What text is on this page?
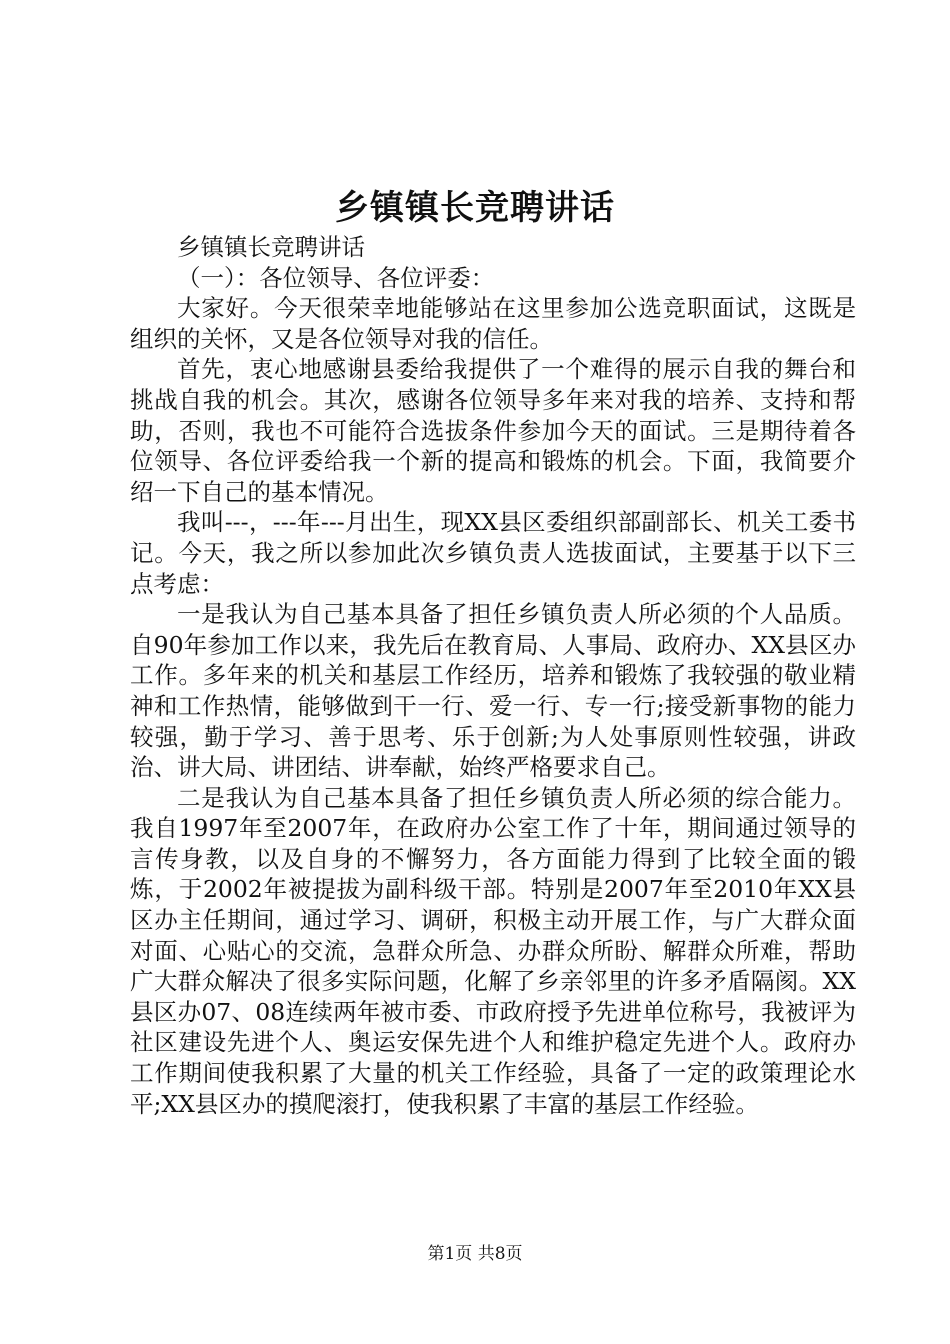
乡镇镇长竞聘讲话

乡镇镇长竞聘讲话

（一）：各位领导、各位评委：

大家好。今天很荣幸地能够站在这里参加公选竞职面试，这既是组织的关怀，又是各位领导对我的信任。

首先，衷心地感谢县委给我提供了一个难得的展示自我的舞台和挑战自我的机会。其次，感谢各位领导多年来对我的培养、支持和帮助，否则，我也不可能符合选拔条件参加今天的面试。三是期待着各位领导、各位评委给我一个新的提高和锻炼的机会。下面，我简要介绍一下自己的基本情况。

我叫---，---年---月出生，现XX县区委组织部副部长、机关工委书记。今天，我之所以参加此次乡镇负责人选拔面试，主要基于以下三点考虑：

一是我认为自己基本具备了担任乡镇负责人所必须的个人品质。自90年参加工作以来，我先后在教育局、人事局、政府办、XX县区办工作。多年来的机关和基层工作经历，培养和锻炼了我较强的敬业精神和工作热情，能够做到干一行、爱一行、专一行;接受新事物的能力较强，勤于学习、善于思考、乐于创新;为人处事原则性较强，讲政治、讲大局、讲团结、讲奉献，始终严格要求自己。

二是我认为自己基本具备了担任乡镇负责人所必须的综合能力。我自1997年至2007年，在政府办公室工作了十年，期间通过领导的言传身教，以及自身的不懈努力，各方面能力得到了比较全面的锻炼，于2002年被提拔为副科级干部。特别是2007年至2010年XX县区办主任期间，通过学习、调研，积极主动开展工作，与广大群众面对面、心贴心的交流，急群众所急、办群众所盼、解群众所难，帮助广大群众解决了很多实际问题，化解了乡亲邻里的许多矛盾隔阂。XX县区办07、08连续两年被市委、市政府授予先进单位称号，我被评为社区建设先进个人、奥运安保先进个人和维护稳定先进个人。政府办工作期间使我积累了大量的机关工作经验，具备了一定的政策理论水平;XX县区办的摸爬滚打，使我积累了丰富的基层工作经验。

第1页 共8页
